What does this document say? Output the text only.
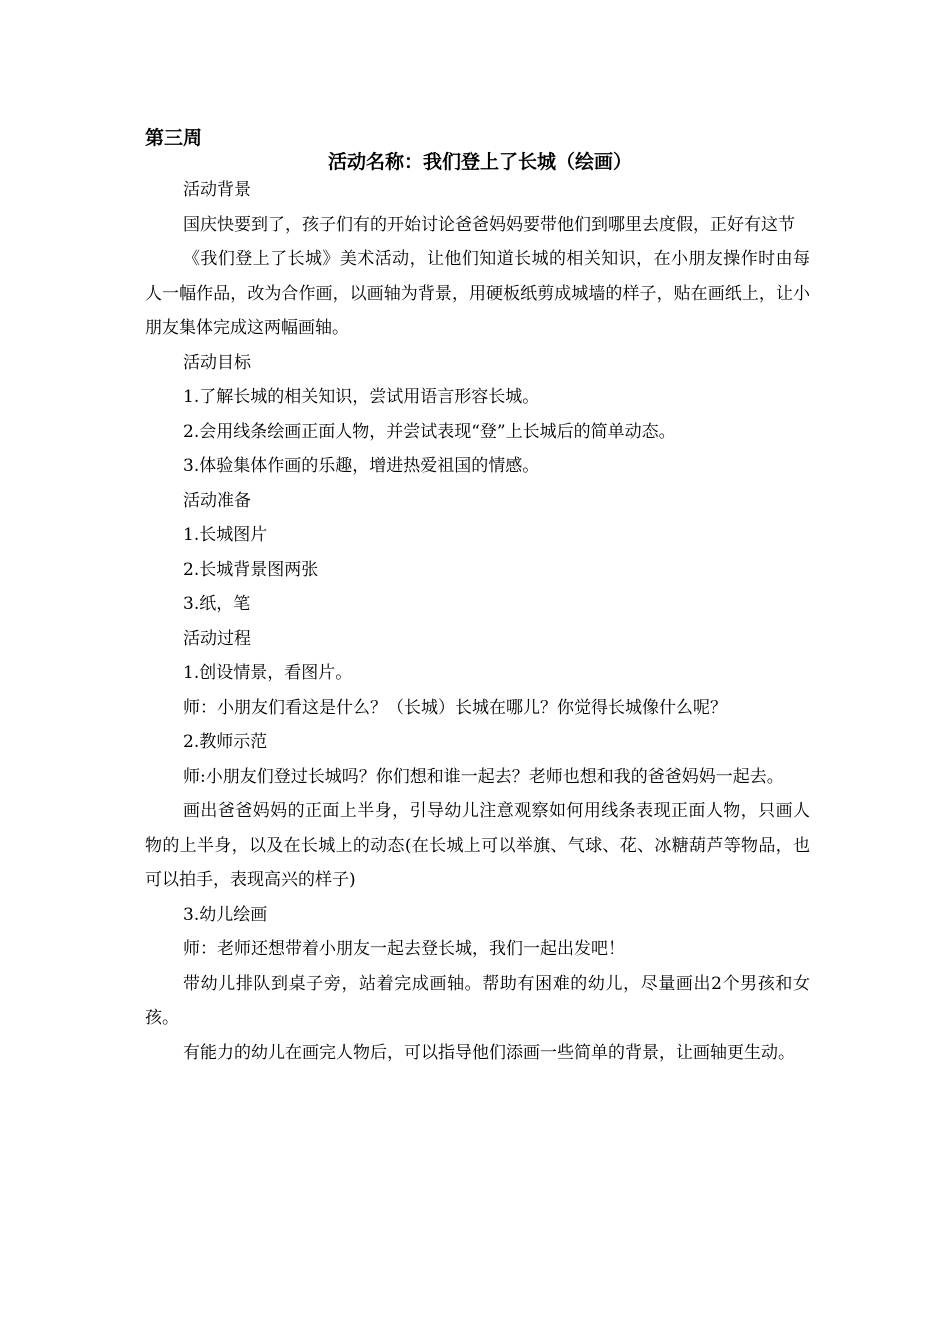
第三周
活动名称：我们登上了长城（绘画）

活动背景

国庆快要到了，孩子们有的开始讨论爸爸妈妈要带他们到哪里去度假，正好有这节

《我们登上了长城》美术活动，让他们知道长城的相关知识，在小朋友操作时由每人一幅作品，改为合作画，以画轴为背景，用硬板纸剪成城墙的样子，贴在画纸上，让小朋友集体完成这两幅画轴。

活动目标

1.了解长城的相关知识，尝试用语言形容长城。

2.会用线条绘画正面人物，并尝试表现“登”上长城后的简单动态。

3.体验集体作画的乐趣，增进热爱祖国的情感。

活动准备

1.长城图片

2.长城背景图两张

3.纸，笔

活动过程

1.创设情景，看图片。

师：小朋友们看这是什么？（长城）长城在哪儿？你觉得长城像什么呢？

2.教师示范

师:小朋友们登过长城吗？你们想和谁一起去？老师也想和我的爸爸妈妈一起去。

画出爸爸妈妈的正面上半身，引导幼儿注意观察如何用线条表现正面人物，只画人物的上半身，以及在长城上的动态(在长城上可以举旗、气球、花、冰糖葫芦等物品，也可以拍手，表现高兴的样子)

3.幼儿绘画

师：老师还想带着小朋友一起去登长城，我们一起出发吧！

带幼儿排队到桌子旁，站着完成画轴。帮助有困难的幼儿，尽量画出2个男孩和女孩。

有能力的幼儿在画完人物后，可以指导他们添画一些简单的背景，让画轴更生动。
